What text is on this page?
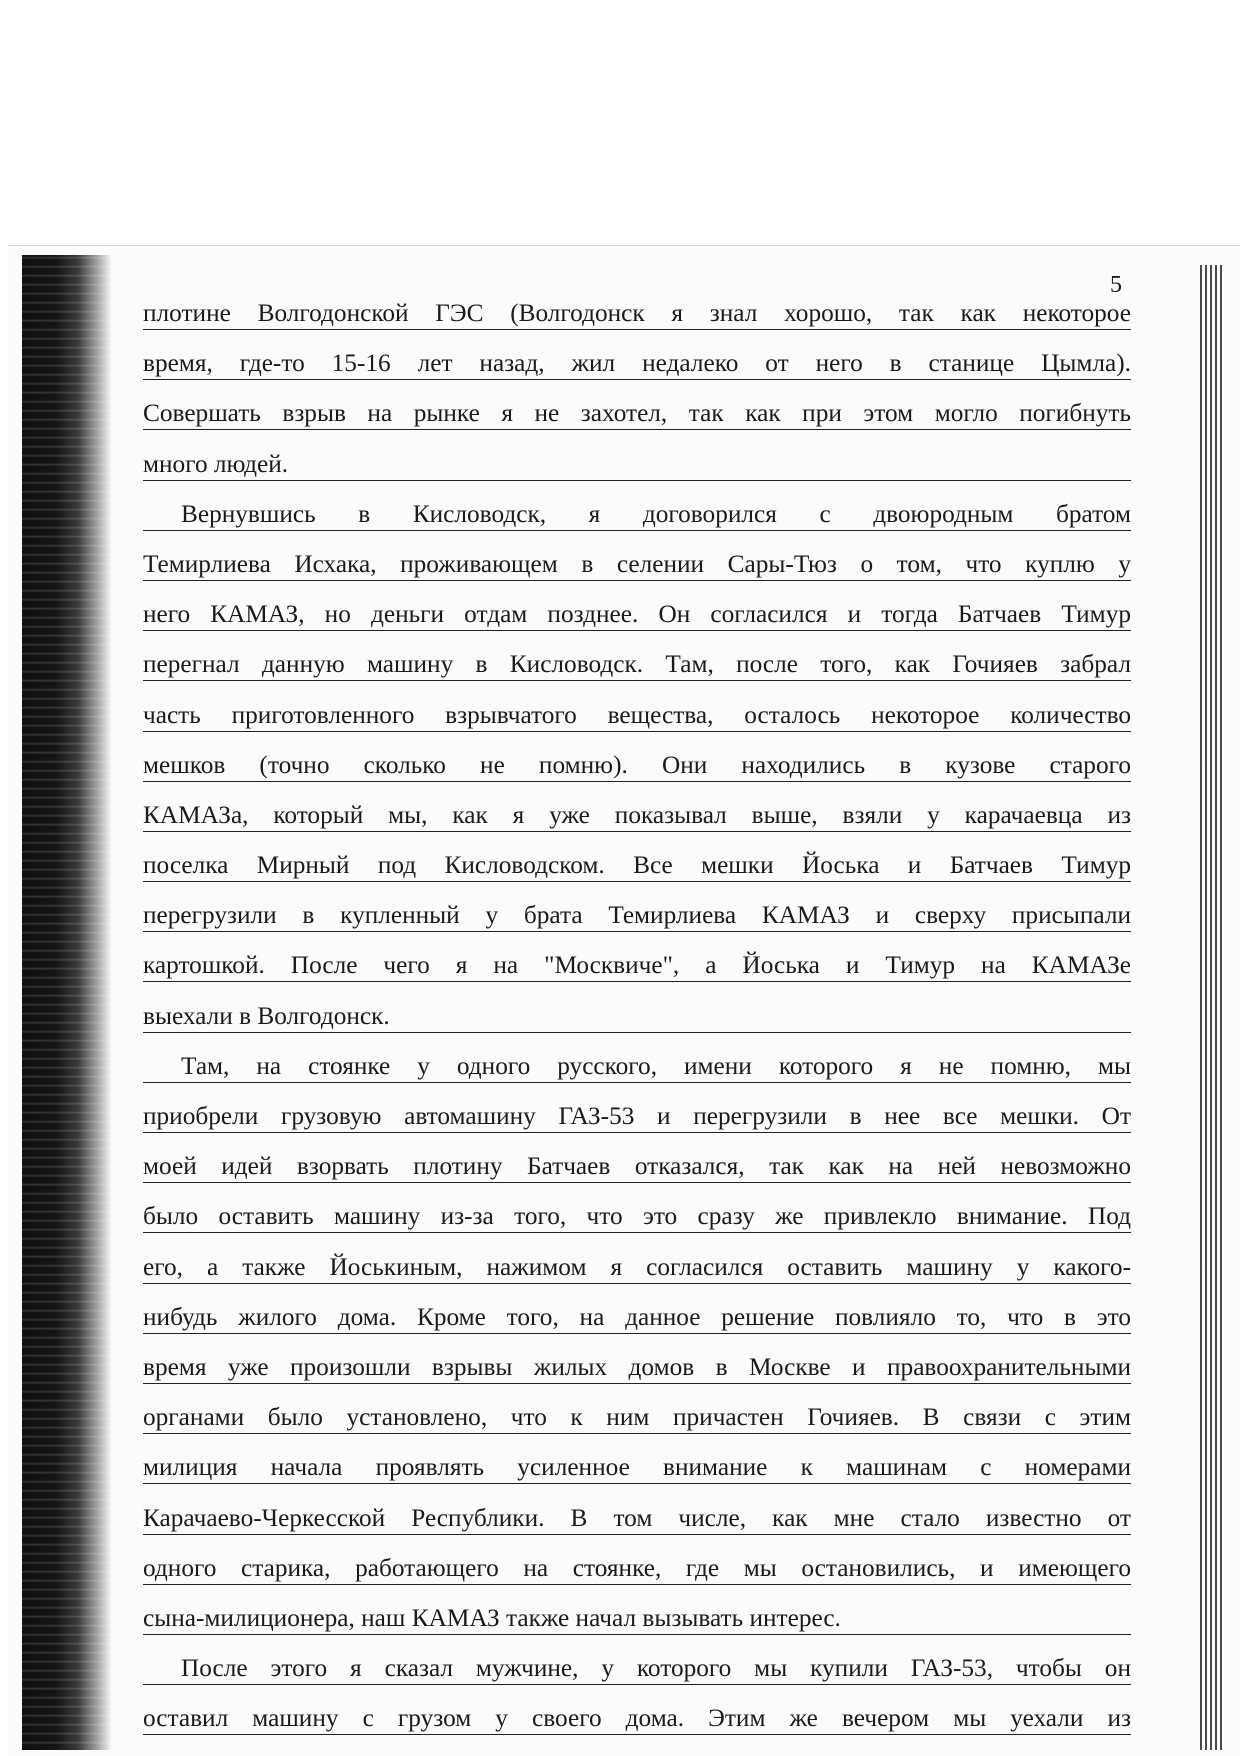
5
плотине Волгодонской ГЭС (Волгодонск я знал хорошо, так как некоторое
время, где-то 15-16 лет назад, жил недалеко от него в станице Цымла).
Совершать взрыв на рынке я не захотел, так как при этом могло погибнуть
много людей.
Вернувшись в Кисловодск, я договорился с двоюродным братом
Темирлиева Исхака, проживающем в селении Сары-Тюз о том, что куплю у
него КАМАЗ, но деньги отдам позднее. Он согласился и тогда Батчаев Тимур
перегнал данную машину в Кисловодск. Там, после того, как Гочияев забрал
часть приготовленного взрывчатого вещества, осталось некоторое количество
мешков (точно сколько не помню). Они находились в кузове старого
КАМАЗа, который мы, как я уже показывал выше, взяли у карачаевца из
поселка Мирный под Кисловодском. Все мешки Йоська и Батчаев Тимур
перегрузили в купленный у брата Темирлиева КАМАЗ и сверху присыпали
картошкой. После чего я на "Москвиче", а Йоська и Тимур на КАМАЗе
выехали в Волгодонск.
Там, на стоянке у одного русского, имени которого я не помню, мы
приобрели грузовую автомашину ГАЗ-53 и перегрузили в нее все мешки. От
моей идей взорвать плотину Батчаев отказался, так как на ней невозможно
было оставить машину из-за того, что это сразу же привлекло внимание. Под
его, а также Йоськиным, нажимом я согласился оставить машину у какого-
нибудь жилого дома. Кроме того, на данное решение повлияло то, что в это
время уже произошли взрывы жилых домов в Москве и правоохранительными
органами было установлено, что к ним причастен Гочияев. В связи с этим
милиция начала проявлять усиленное внимание к машинам с номерами
Карачаево-Черкесской Республики. В том числе, как мне стало известно от
одного старика, работающего на стоянке, где мы остановились, и имеющего
сына-милиционера, наш КАМАЗ также начал вызывать интерес.
После этого я сказал мужчине, у которого мы купили ГАЗ-53, чтобы он
оставил машину с грузом у своего дома. Этим же вечером мы уехали из
